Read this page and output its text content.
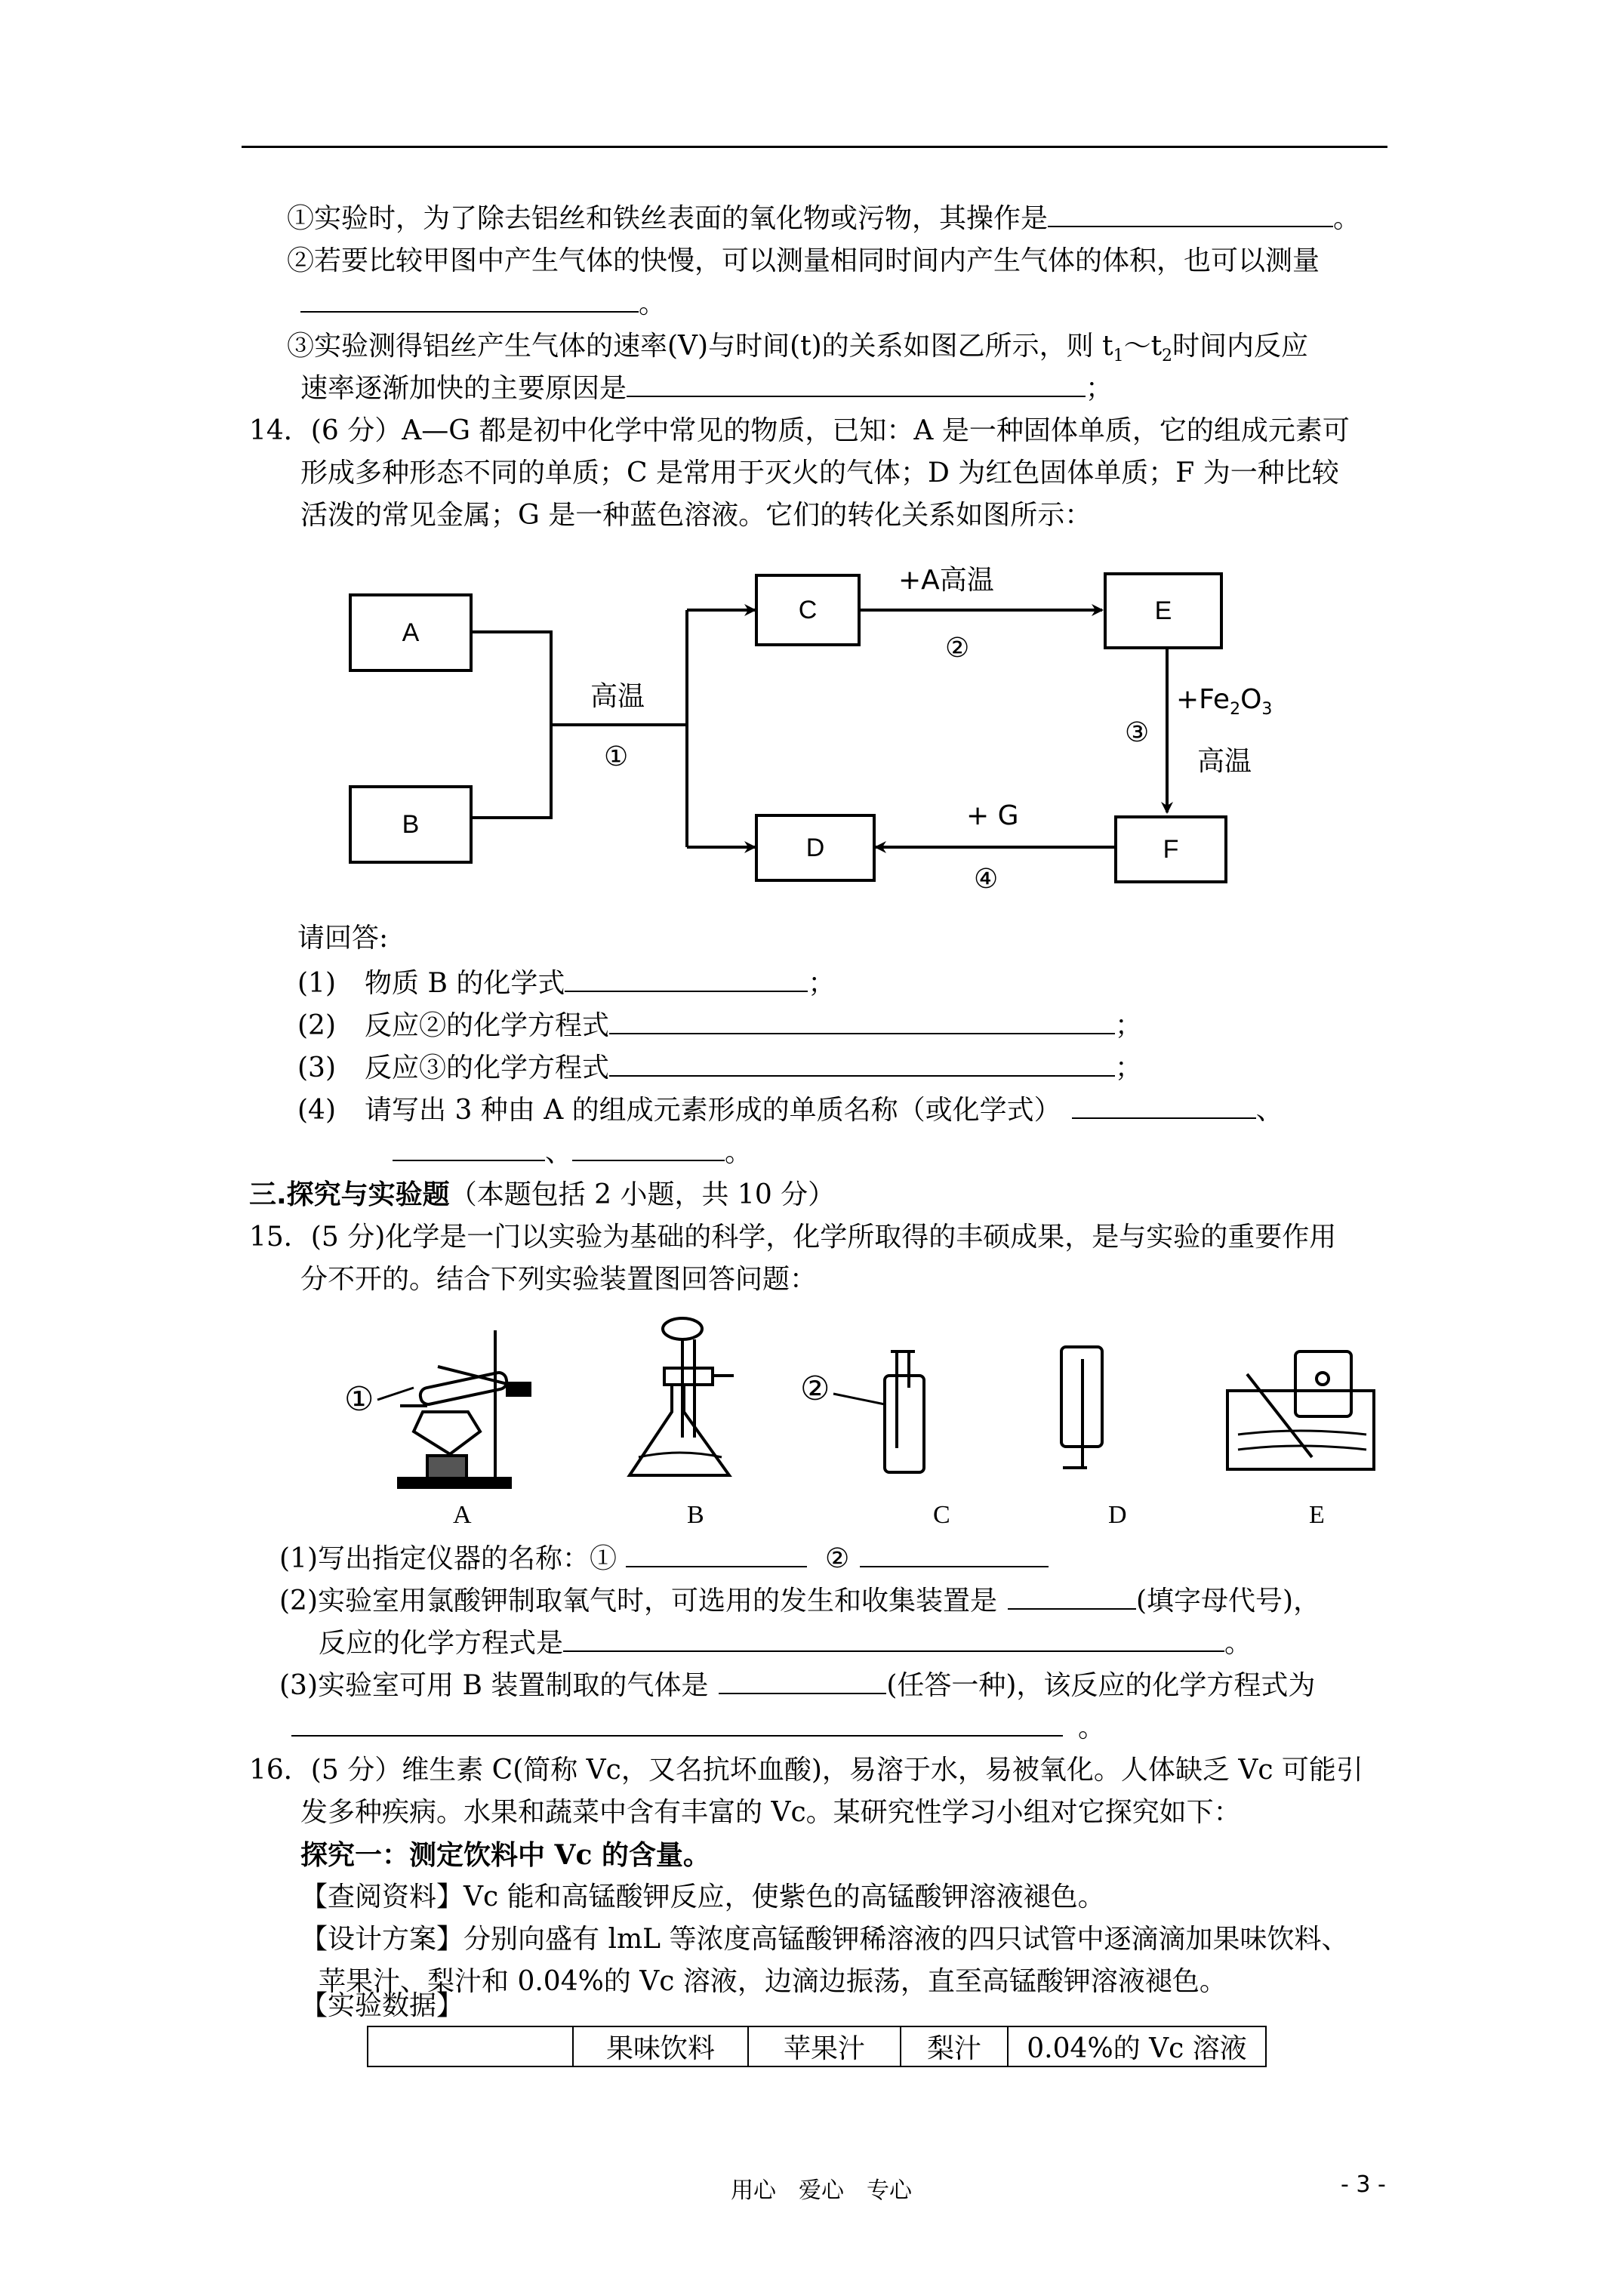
①实验时，为了除去铝丝和铁丝表面的氧化物或污物，其操作是	。
②若要比较甲图中产生气体的快慢，可以测量相同时间内产生气体的体积，也可以测量
。
③实验测得铝丝产生气体的速率(V)与时间(t)的关系如图乙所示，则 $t_1\sim t_2$时间内反应
速率逐渐加快的主要原因是	；
14．(6 分）A—G 都是初中化学中常见的物质，已知：A 是一种固体单质，它的组成元素可
形成多种形态不同的单质；C 是常用于灭火的气体；D 为红色固体单质；F 为一种比较
活泼的常见金属；G 是一种蓝色溶液。它们的转化关系如图所示：
A
B
C
D
E
F
高温
①
+A高温
②
$+Fe_2O_3$
高温
③
+ G
④
请回答:
(1) 物质 B 的化学式	；
(2) 反应②的化学方程式	；
(3) 反应③的化学方程式	；
(4) 请写出 3 种由 A 的组成元素形成的单质名称（或化学式）	、
、	。
三.探究与实验题（本题包括 2 小题，共 10 分）
15．(5 分)化学是一门以实验为基础的科学，化学所取得的丰硕成果，是与实验的重要作用
分不开的。结合下列实验装置图回答问题：
①	②
A	B	C	D	E
(1)写出指定仪器的名称：①	②
(2)实验室用氯酸钾制取氧气时，可选用的发生和收集装置是	(填字母代号)，
反应的化学方程式是	。
(3)实验室可用 B 装置制取的气体是	(任答一种)，该反应的化学方程式为
。
16．(5 分）维生素 C(简称 Vc，又名抗坏血酸)，易溶于水，易被氧化。人体缺乏 Vc 可能引
发多种疾病。水果和蔬菜中含有丰富的 Vc。某研究性学习小组对它探究如下：
探究一：测定饮料中 Vc 的含量。
【查阅资料】Vc 能和高锰酸钾反应，使紫色的高锰酸钾溶液褪色。
【设计方案】分别向盛有 lmL 等浓度高锰酸钾稀溶液的四只试管中逐滴滴加果味饮料、
苹果汁、梨汁和 0.04%的 Vc 溶液，边滴边振荡，直至高锰酸钾溶液褪色。
【实验数据】
	果味饮料	苹果汁	梨汁	0.04%的 Vc 溶液
用心　爱心　专心	- 3 -
